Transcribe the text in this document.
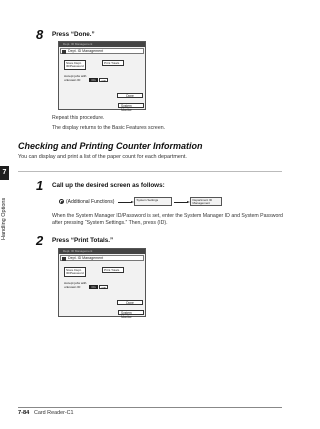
7
Handling Options
8 Press “Done.”
Dept. ID Management
Dept. ID Management
Store Dept. ID/Password
Print Totals
Accept jobs with unknown ID	On	Off
Done
System Monitor
Repeat this procedure.
The display returns to the Basic Features screen.
Checking and Printing Counter Information
You can display and print a list of the paper count for each department.
1 Call up the desired screen as follows:
(Additional Functions)	System Settings	Department ID Management
When the System Manager ID/Password is set, enter the System Manager ID and System Password after pressing “System Settings.” Then, press (ID).
2 Press “Print Totals.”
Dept. ID Management
Dept. ID Management
Store Dept. ID/Password
Print Totals
Accept jobs with unknown ID	On	Off
Done
System Monitor
7-84 Card Reader-C1
